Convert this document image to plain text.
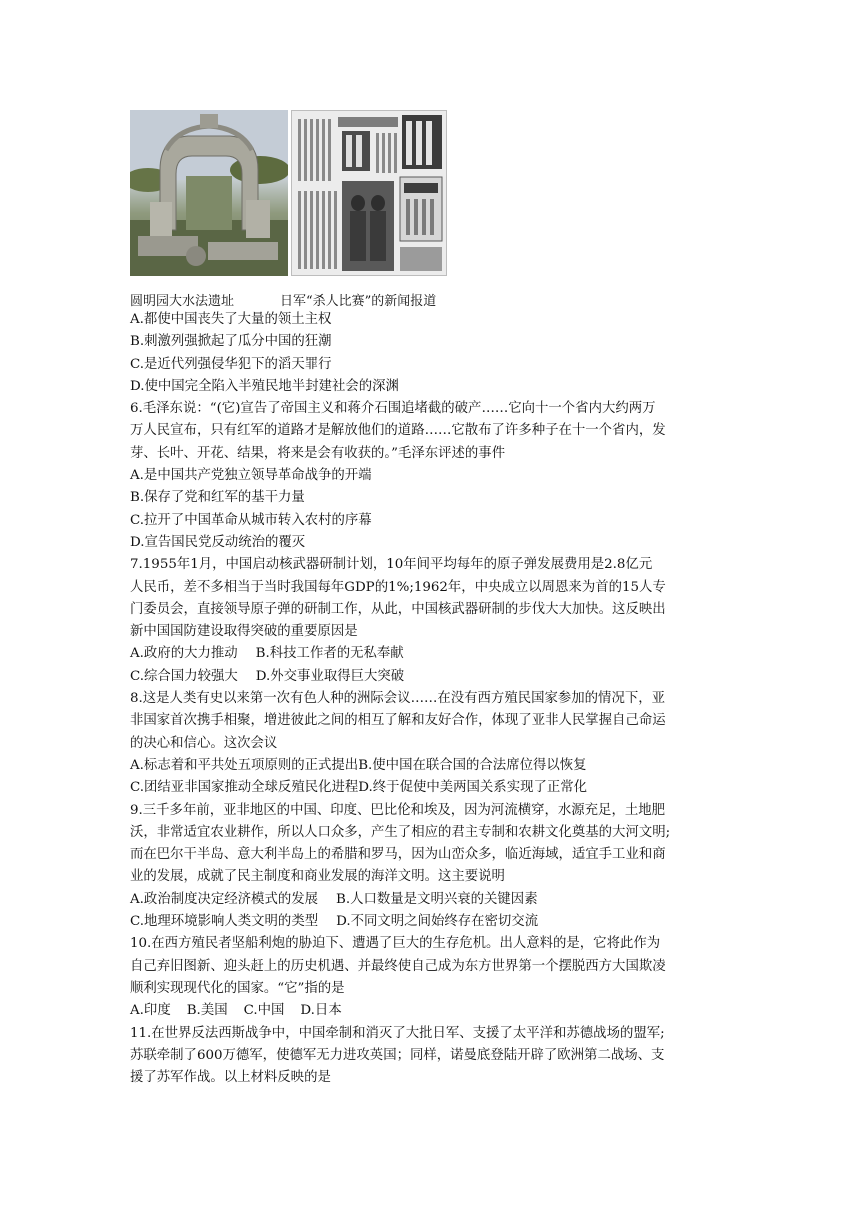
圆明园大水法遗址	日军“杀人比赛”的新闻报道
A.都使中国丧失了大量的领土主权
B.刺激列强掀起了瓜分中国的狂潮
C.是近代列强侵华犯下的滔天罪行
D.使中国完全陷入半殖民地半封建社会的深渊
6.毛泽东说：“(它)宣告了帝国主义和蒋介石围追堵截的破产……它向十一个省内大约两万
万人民宣布，只有红军的道路才是解放他们的道路……它散布了许多种子在十一个省内，发
芽、长叶、开花、结果，将来是会有收获的。”毛泽东评述的事件
A.是中国共产党独立领导革命战争的开端
B.保存了党和红军的基干力量
C.拉开了中国革命从城市转入农村的序幕
D.宣告国民党反动统治的覆灭
7.1955年1月，中国启动核武器研制计划，10年间平均每年的原子弹发展费用是2.8亿元
人民币，差不多相当于当时我国每年GDP的1%;1962年，中央成立以周恩来为首的15人专
门委员会，直接领导原子弹的研制工作，从此，中国核武器研制的步伐大大加快。这反映出
新中国国防建设取得突破的重要原因是
A.政府的大力推动 B.科技工作者的无私奉献
C.综合国力较强大 D.外交事业取得巨大突破
8.这是人类有史以来第一次有色人种的洲际会议……在没有西方殖民国家参加的情况下，亚
非国家首次携手相聚，增进彼此之间的相互了解和友好合作，体现了亚非人民掌握自己命运
的决心和信心。这次会议
A.标志着和平共处五项原则的正式提出B.使中国在联合国的合法席位得以恢复
C.团结亚非国家推动全球反殖民化进程D.终于促使中美两国关系实现了正常化
9.三千多年前，亚非地区的中国、印度、巴比伦和埃及，因为河流横穿，水源充足，土地肥
沃，非常适宜农业耕作，所以人口众多，产生了相应的君主专制和农耕文化奠基的大河文明;
而在巴尔干半岛、意大利半岛上的希腊和罗马，因为山峦众多，临近海域，适宜手工业和商
业的发展，成就了民主制度和商业发展的海洋文明。这主要说明
A.政治制度决定经济模式的发展 B.人口数量是文明兴衰的关键因素
C.地理环境影响人类文明的类型 D.不同文明之间始终存在密切交流
10.在西方殖民者坚船利炮的胁迫下、遭遇了巨大的生存危机。出人意料的是，它将此作为
自己弃旧图新、迎头赶上的历史机遇、并最终使自己成为东方世界第一个摆脱西方大国欺凌
顺利实现现代化的国家。“它”指的是
A.印度 B.美国 C.中国 D.日本
11.在世界反法西斯战争中，中国牵制和消灭了大批日军、支援了太平洋和苏德战场的盟军;
苏联牵制了600万德军，使德军无力进攻英国；同样，诺曼底登陆开辟了欧洲第二战场、支
援了苏军作战。以上材料反映的是
